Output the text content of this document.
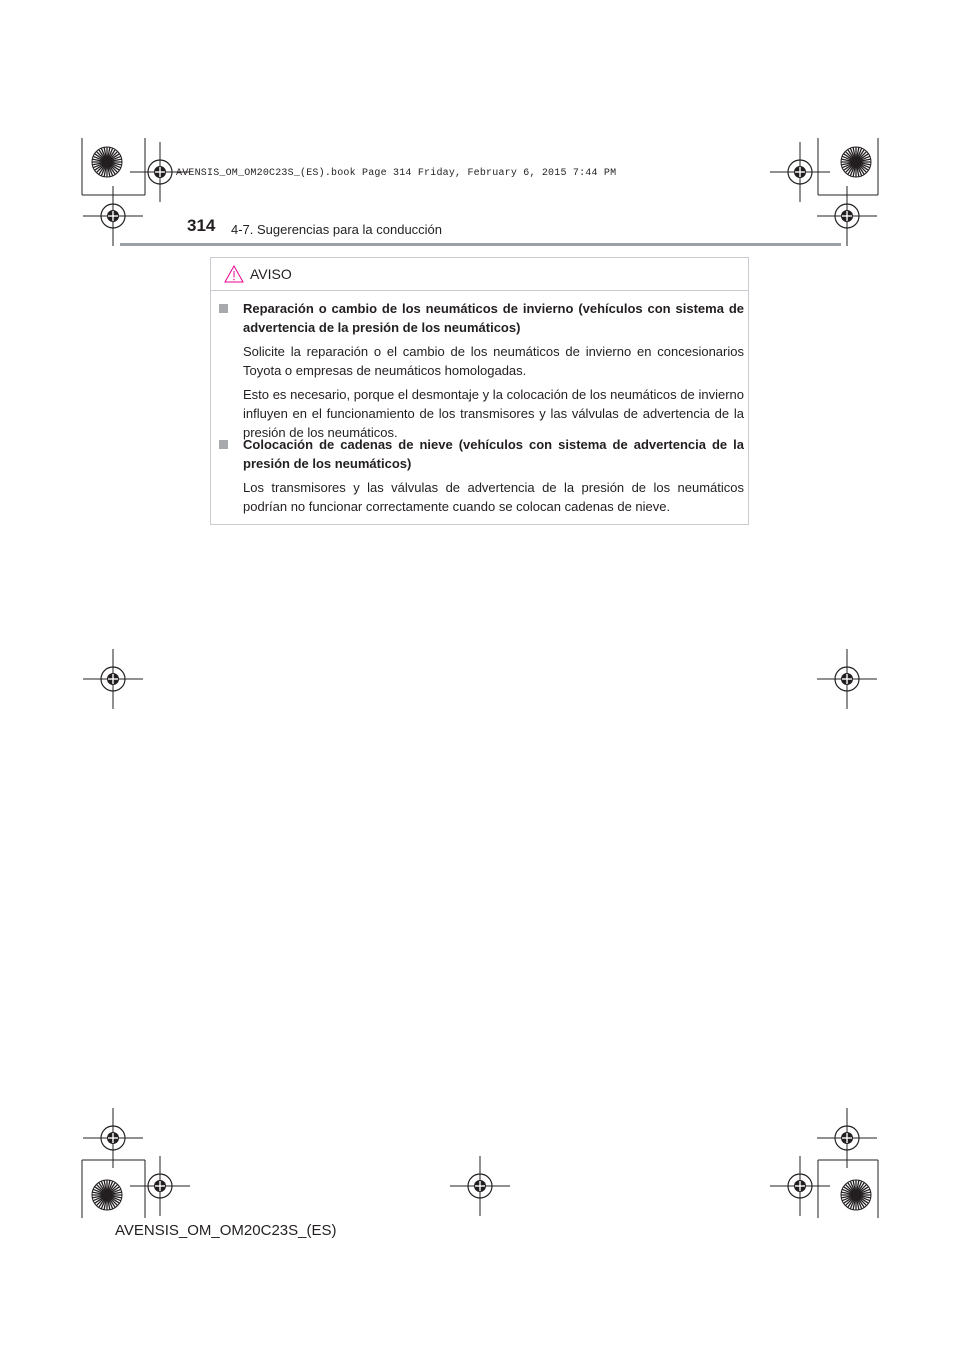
AVENSIS_OM_OM20C23S_(ES).book Page 314 Friday, February 6, 2015 7:44 PM
314 4-7. Sugerencias para la conducción
AVISO
Reparación o cambio de los neumáticos de invierno (vehículos con sistema de advertencia de la presión de los neumáticos)

Solicite la reparación o el cambio de los neumáticos de invierno en concesionarios Toyota o empresas de neumáticos homologadas.

Esto es necesario, porque el desmontaje y la colocación de los neumáticos de invierno influyen en el funcionamiento de los transmisores y las válvulas de advertencia de la presión de los neumáticos.

Colocación de cadenas de nieve (vehículos con sistema de advertencia de la presión de los neumáticos)

Los transmisores y las válvulas de advertencia de la presión de los neumáticos podrían no funcionar correctamente cuando se colocan cadenas de nieve.

AVENSIS_OM_OM20C23S_(ES)
